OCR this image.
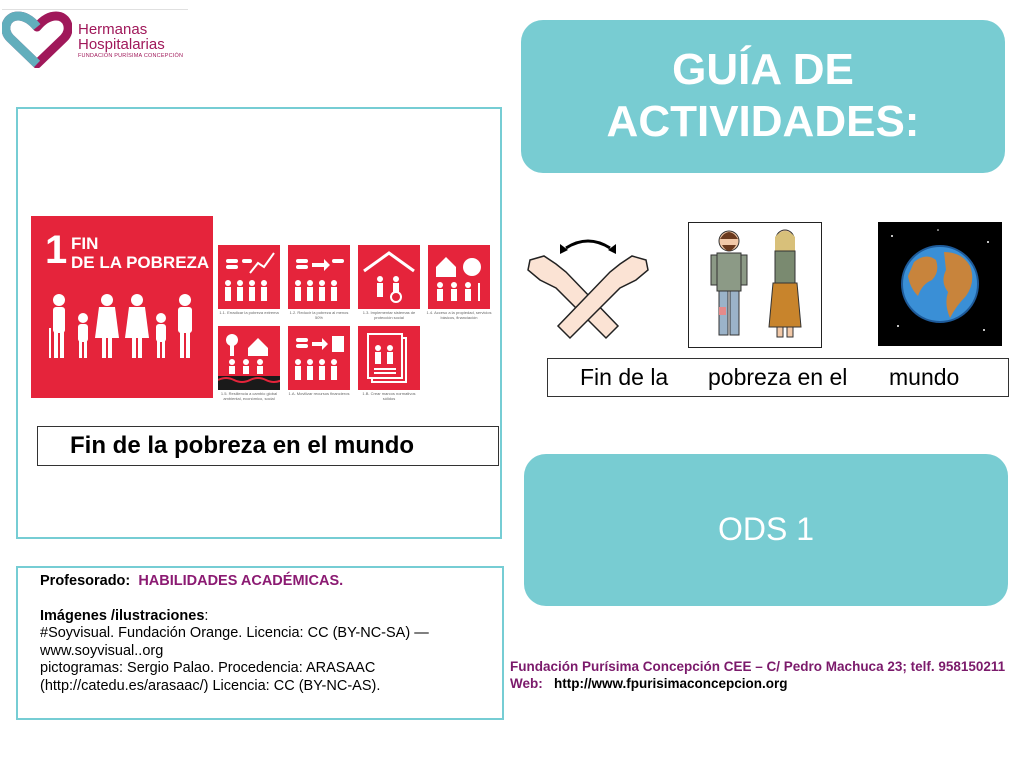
Hermanas
Hospitalarias
FUNDACIÓN PURÍSIMA CONCEPCIÓN
1 FIN
DE LA POBREZA
1.1. Erradicar la pobreza extrema	1.2. Reducir la pobreza al menos 50%
1.3. Implementar sistemas de protección social
1.4. Acceso a la propiedad, servicios básicos, financiación
1.5. Resiliencia a cambio global ambiental, económico, social
1.A. Movilizar recursos financieros	1.B. Crear marcos normativos sólidos
Fin de la pobreza en el mundo
GUÍA DE
ACTIVIDADES:
Fin de la pobreza en el mundo
ODS 1
Profesorado: HABILIDADES ACADÉMICAS.
Imágenes /ilustraciones:
#Soyvisual. Fundación Orange. Licencia: CC (BY-NC-SA) —
www.soyvisual..org
pictogramas: Sergio Palao. Procedencia: ARASAAC
(http://catedu.es/arasaac/) Licencia: CC (BY-NC-AS).
Fundación Purísima Concepción CEE – C/ Pedro Machuca 23; telf. 958150211
Web: http://www.fpurisimaconcepcion.org
